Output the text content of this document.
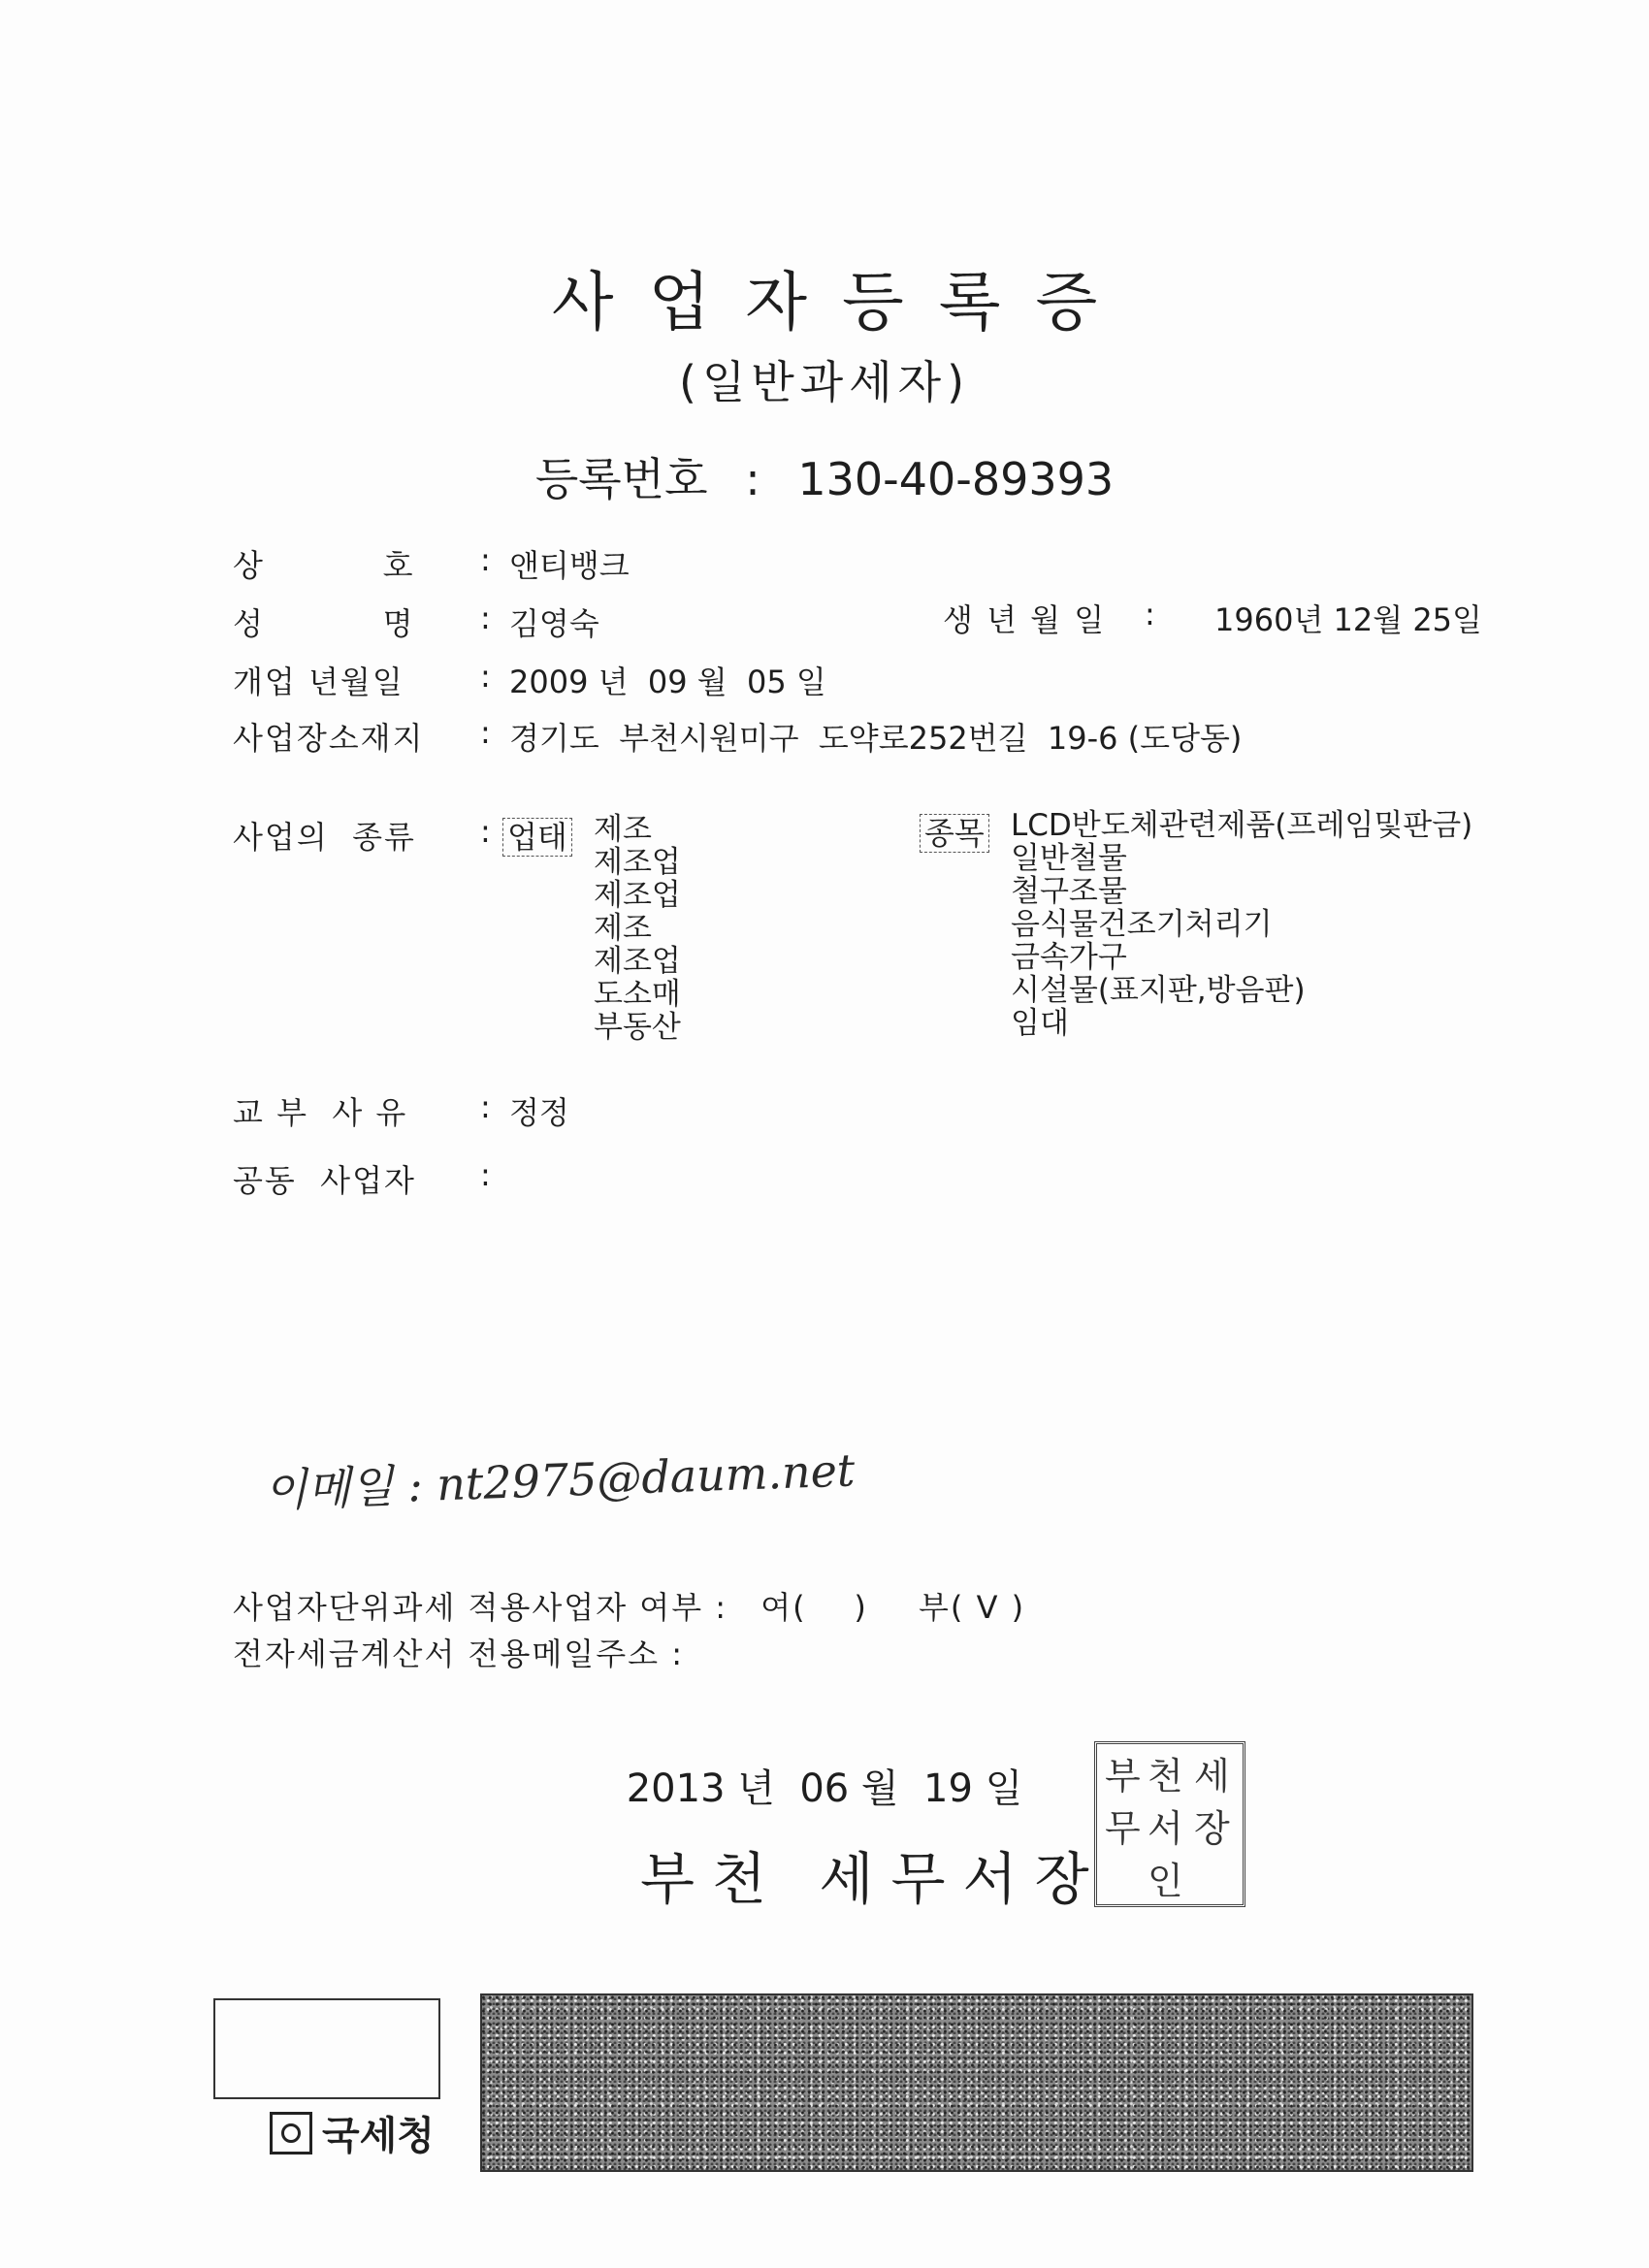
사업자등록증
(일반과세자)
등록번호 : 130-40-89393
상          호 : 앤티뱅크
성          명 : 김영숙	생 년 월 일 : 1960년 12월 25일
개업 년월일 : 2009 년  09 월  05 일
사업장소재지 : 경기도  부천시원미구  도약로252번길  19-6 (도당동)
사업의  종류 : 업태 제조
제조업
제조업
제조
제조업
도소매
부동산
종목 LCD반도체관련제품(프레임및판금)
일반철물
철구조물
음식물건조기처리기
금속가구
시설물(표지판,방음판)
임대
교 부  사 유 : 정정
공동  사업자 :
이메일 : nt2975@daum.net
사업자단위과세 적용사업자 여부 : 여(    ) 부( V )
전자세금계산서 전용메일주소 :
2013 년  06 월  19 일
부천 세무서장
부 천 세
무 서 장
인
국세청
